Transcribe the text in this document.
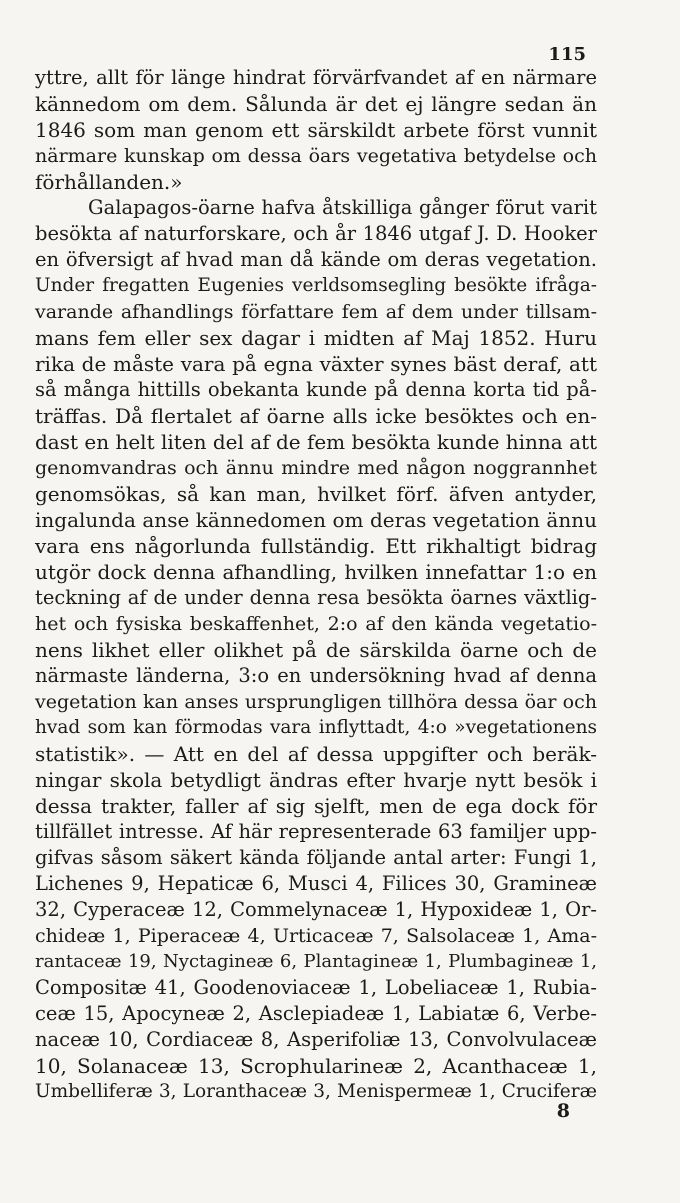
115
yttre, allt för länge hindrat förvärfvandet af en närmare
kännedom om dem. Sålunda är det ej längre sedan än
1846 som man genom ett särskildt arbete först vunnit
närmare kunskap om dessa öars vegetativa betydelse och
förhållanden.»
Galapagos-öarne hafva åtskilliga gånger förut varit
besökta af naturforskare, och år 1846 utgaf J. D. Hooker
en öfversigt af hvad man då kände om deras vegetation.
Under fregatten Eugenies verldsomsegling besökte ifråga-
varande afhandlings författare fem af dem under tillsam-
mans fem eller sex dagar i midten af Maj 1852. Huru
rika de måste vara på egna växter synes bäst deraf, att
så många hittills obekanta kunde på denna korta tid på-
träffas. Då flertalet af öarne alls icke besöktes och en-
dast en helt liten del af de fem besökta kunde hinna att
genomvandras och ännu mindre med någon noggrannhet
genomsökas, så kan man, hvilket förf. äfven antyder,
ingalunda anse kännedomen om deras vegetation ännu
vara ens någorlunda fullständig. Ett rikhaltigt bidrag
utgör dock denna afhandling, hvilken innefattar 1:o en
teckning af de under denna resa besökta öarnes växtlig-
het och fysiska beskaffenhet, 2:o af den kända vegetatio-
nens likhet eller olikhet på de särskilda öarne och de
närmaste länderna, 3:o en undersökning hvad af denna
vegetation kan anses ursprungligen tillhöra dessa öar och
hvad som kan förmodas vara inflyttadt, 4:o »vegetationens
statistik». — Att en del af dessa uppgifter och beräk-
ningar skola betydligt ändras efter hvarje nytt besök i
dessa trakter, faller af sig sjelft, men de ega dock för
tillfället intresse. Af här representerade 63 familjer upp-
gifvas såsom säkert kända följande antal arter: Fungi 1,
Lichenes 9, Hepaticæ 6, Musci 4, Filices 30, Gramineæ
32, Cyperaceæ 12, Commelynaceæ 1, Hypoxideæ 1, Or-
chideæ 1, Piperaceæ 4, Urticaceæ 7, Salsolaceæ 1, Ama-
rantaceæ 19, Nyctagineæ 6, Plantagineæ 1, Plumbagineæ 1,
Compositæ 41, Goodenoviaceæ 1, Lobeliaceæ 1, Rubia-
ceæ 15, Apocyneæ 2, Asclepiadeæ 1, Labiatæ 6, Verbe-
naceæ 10, Cordiaceæ 8, Asperifoliæ 13, Convolvulaceæ
10, Solanaceæ 13, Scrophularineæ 2, Acanthaceæ 1,
Umbelliferæ 3, Loranthaceæ 3, Menispermeæ 1, Cruciferæ
8
